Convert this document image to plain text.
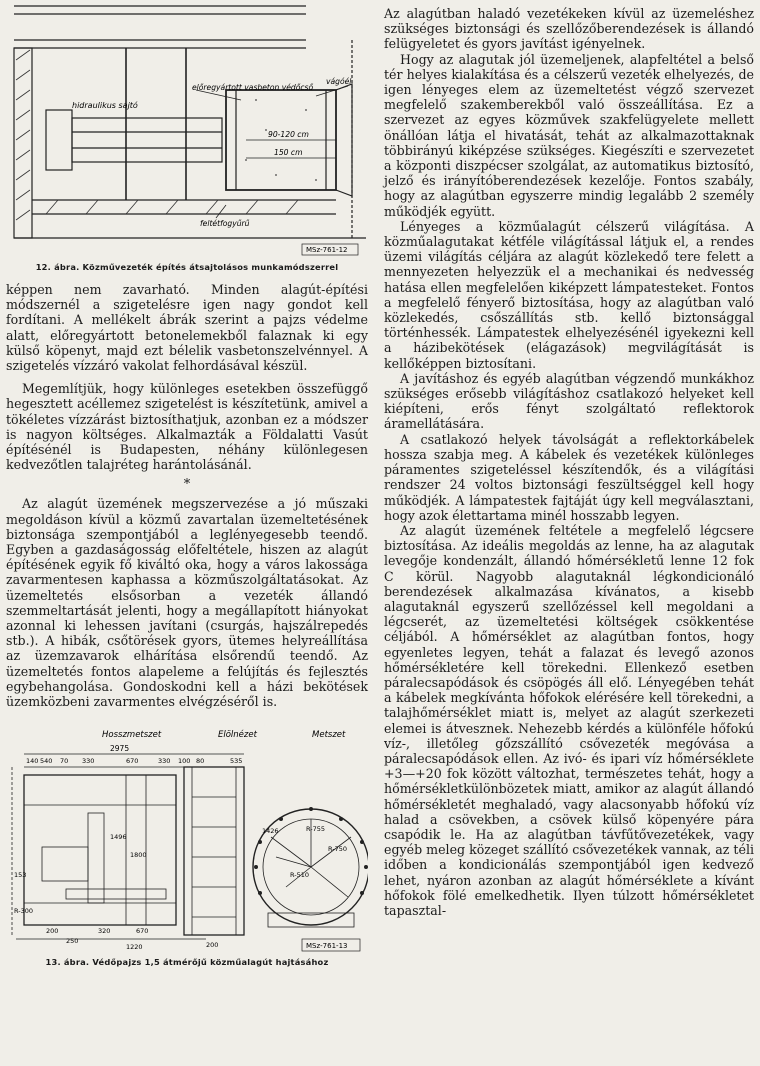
előregyártott vasbeton védőcső
hidraulikus sajtó
vágóél
90-120 cm
150 cm
feltétfogyűrű
MSz-761-12

12. ábra. Közművezeték építés átsajtolásos munkamódszerrel

képpen nem zavarható. Minden alagút-építési módszernél a szigetelésre igen nagy gondot kell fordítani. A mellékelt ábrák szerint a pajzs védelme alatt, előregyártott betonelemekből falaznak ki egy külső köpenyt, majd ezt bélelik vasbetonszelvénnyel. A szigetelés vízzáró vakolat felhordásával készül.

Megemlítjük, hogy különleges esetekben összefüggő hegesztett acéllemez szigetelést is készítetünk, amivel a tökéletes vízzárást biztosíthatjuk, azonban ez a módszer is nagyon költséges. Alkalmazták a Földalatti Vasút építésénél is Budapesten, néhány különlegesen kedvezőtlen talajréteg harántolásánál.

*

Az alagút üzemének megszervezése a jó műszaki megoldáson kívül a közmű zavartalan üzemeltetésének biztonsága szempontjából a leglényegesebb teendő. Egyben a gazdaságosság előfeltétele, hiszen az alagút építésének egyik fő kiváltó oka, hogy a város lakossága zavarmentesen kaphassa a közműszolgáltatásokat. Az üzemeltetés elsősorban a vezeték állandó szemmeltartását jelenti, hogy a megállapított hiányokat azonnal ki lehessen javítani (csurgás, hajszálrepedés stb.). A hibák, csőtörések gyors, ütemes helyreállítása az üzemzavarok elhárítása elsőrendű teendő. Az üzemeltetés fontos alapeleme a felújítás és fejlesztés egybehangolása. Gondoskodni kell a házi bekötések üzemközbeni zavarmentes elvégzéséről is.

Hosszmetszet	Elölnézet	Metszet
2975
140 540 70 330	670	330 100 80	535
1496
1800
1426
153
320	670
1220
R-755
R-750
R-510
R-300
200
250	200	MSz-761-13

13. ábra. Védőpajzs 1,5 átmérőjű közműalagút hajtásához

Az alagútban haladó vezetékeken kívül az üzemeléshez szükséges biztonsági és szellőzőberendezések is állandó felügyeletet és gyors javítást igényelnek.

Hogy az alagutak jól üzemeljenek, alapfeltétel a belső tér helyes kialakítása és a célszerű vezeték elhelyezés, de igen lényeges elem az üzemeltetést végző szervezet megfelelő szakemberekből való összeállítása. Ez a szervezet az egyes közművek szakfelügyelete mellett önállóan látja el hivatását, tehát az alkalmazottaknak többirányú kiképzése szükséges. Kiegészíti e szervezetet a központi diszpécser szolgálat, az automatikus biztosító, jelző és irányítóberendezések kezelője. Fontos szabály, hogy az alagútban egyszerre mindig legalább 2 személy működjék együtt.

Lényeges a közműalagút célszerű világítása. A közműalagutakat kétféle világítással látjuk el, a rendes üzemi világítás céljára az alagút közlekedő tere felett a mennyezeten helyezzük el a mechanikai és nedvesség hatása ellen megfelelően kiképzett lámpatesteket. Fontos a megfelelő fényerő biztosítása, hogy az alagútban való közlekedés, csőszállítás stb. kellő biztonsággal történhessék. Lámpatestek elhelyezésénél igyekezni kell a házibekötések (elágazások) megvilágítását is kellőképpen biztosítani.

A javításhoz és egyéb alagútban végzendő munkákhoz szükséges erősebb világításhoz csatlakozó helyeket kell kiépíteni, erős fényt szolgáltató reflektorok áramellátására.

A csatlakozó helyek távolságát a reflektorkábelek hossza szabja meg. A kábelek és vezetékek különleges páramentes szigeteléssel készítendők, és a világítási rendszer 24 voltos biztonsági feszültséggel kell hogy működjék. A lámpatestek fajtáját úgy kell megválasztani, hogy azok élettartama minél hosszabb legyen.

Az alagút üzemének feltétele a megfelelő légcsere biztosítása. Az ideális megoldás az lenne, ha az alagutak levegője kondenzált, állandó hőmérsékletű lenne 12 fok C körül. Nagyobb alagutaknál légkondicionáló berendezések alkalmazása kívánatos, a kisebb alagutaknál egyszerű szellőzéssel kell megoldani a légcserét, az üzemeltetési költségek csökkentése céljából. A hőmérséklet az alagútban fontos, hogy egyenletes legyen, tehát a falazat és levegő azonos hőmérsékletére kell törekedni. Ellenkező esetben páralecsapódások és csöpögés áll elő. Lényegében tehát a kábelek megkívánta hőfokok elérésére kell törekedni, a talajhőmérséklet miatt is, melyet az alagút szerkezeti elemei is átvesznek. Nehezebb kérdés a különféle hőfokú víz-, illetőleg gőzszállító csővezeték megóvása a páralecsapódások ellen. Az ivó- és ipari víz hőmérséklete +3—+20 fok között változhat, természetes tehát, hogy a hőmérsékletkülönbözetek miatt, amikor az alagút állandó hőmérsékletét meghaladó, vagy alacsonyabb hőfokú víz halad a csövekben, a csövek külső köpenyére pára csapódik le. Ha az alagútban távfűtővezetékek, vagy egyéb meleg közeget szállító csővezetékek vannak, az téli időben a kondicionálás szempontjából igen kedvező lehet, nyáron azonban az alagút hőmérséklete a kívánt hőfokok fölé emelkedhetik. Ilyen túlzott hőmérsékletet tapasztal-
